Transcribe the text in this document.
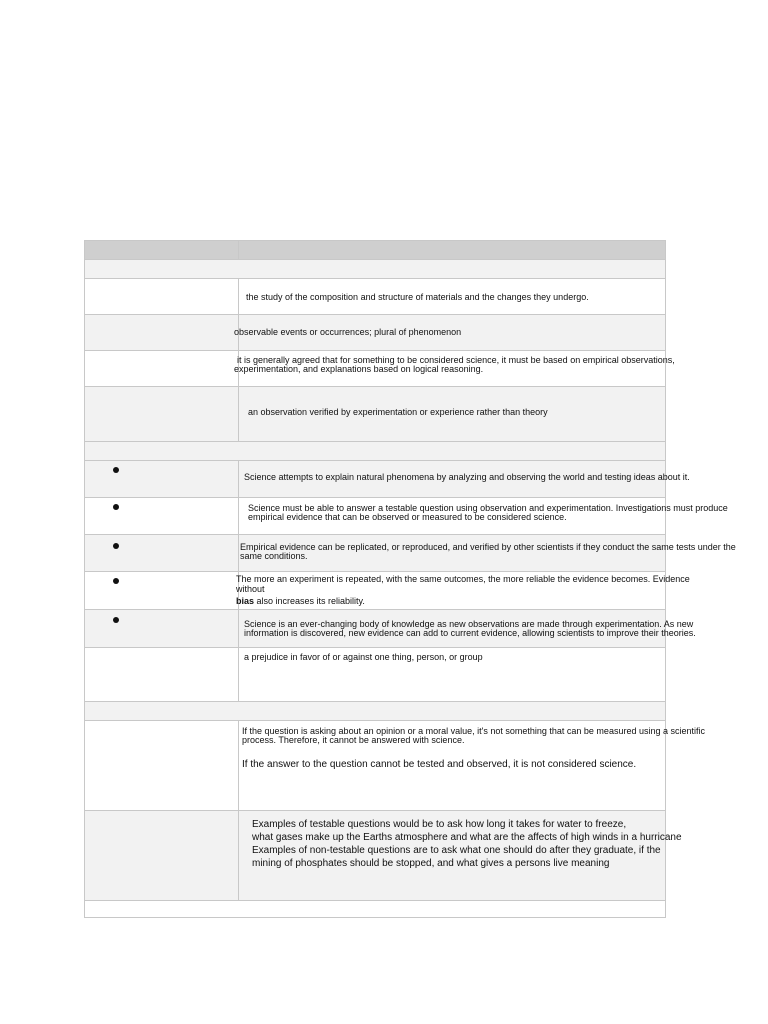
the study of the composition and structure of materials and the changes they undergo.
observable events or occurrences; plural of phenomenon
it is generally agreed that for something to be considered science, it must be based on empirical observations,
experimentation, and explanations based on logical reasoning.
an observation verified by experimentation or experience rather than theory
Science attempts to explain natural phenomena by analyzing and observing the world and testing ideas about it.
Science must be able to answer a testable question using observation and experimentation. Investigations must produce
empirical evidence that can be observed or measured to be considered science.
Empirical evidence can be replicated, or reproduced, and verified by other scientists if they conduct the same tests under the
same conditions.
The more an experiment is repeated, with the same outcomes, the more reliable the evidence becomes. Evidence
without
bias also increases its reliability.
Science is an ever-changing body of knowledge as new observations are made through experimentation. As new
information is discovered, new evidence can add to current evidence, allowing scientists to improve their theories.
a prejudice in favor of or against one thing, person, or group
If the question is asking about an opinion or a moral value, it's not something that can be measured using a scientific
process. Therefore, it cannot be answered with science.
If the answer to the question cannot be tested and observed, it is not considered science.
Examples of testable questions would be to ask how long it takes for water to freeze,
what gases make up the Earths atmosphere and what are the affects of high winds in a hurricane
Examples of non-testable questions are to ask what one should do after they graduate, if the
mining of phosphates should be stopped, and what gives a persons live meaning
